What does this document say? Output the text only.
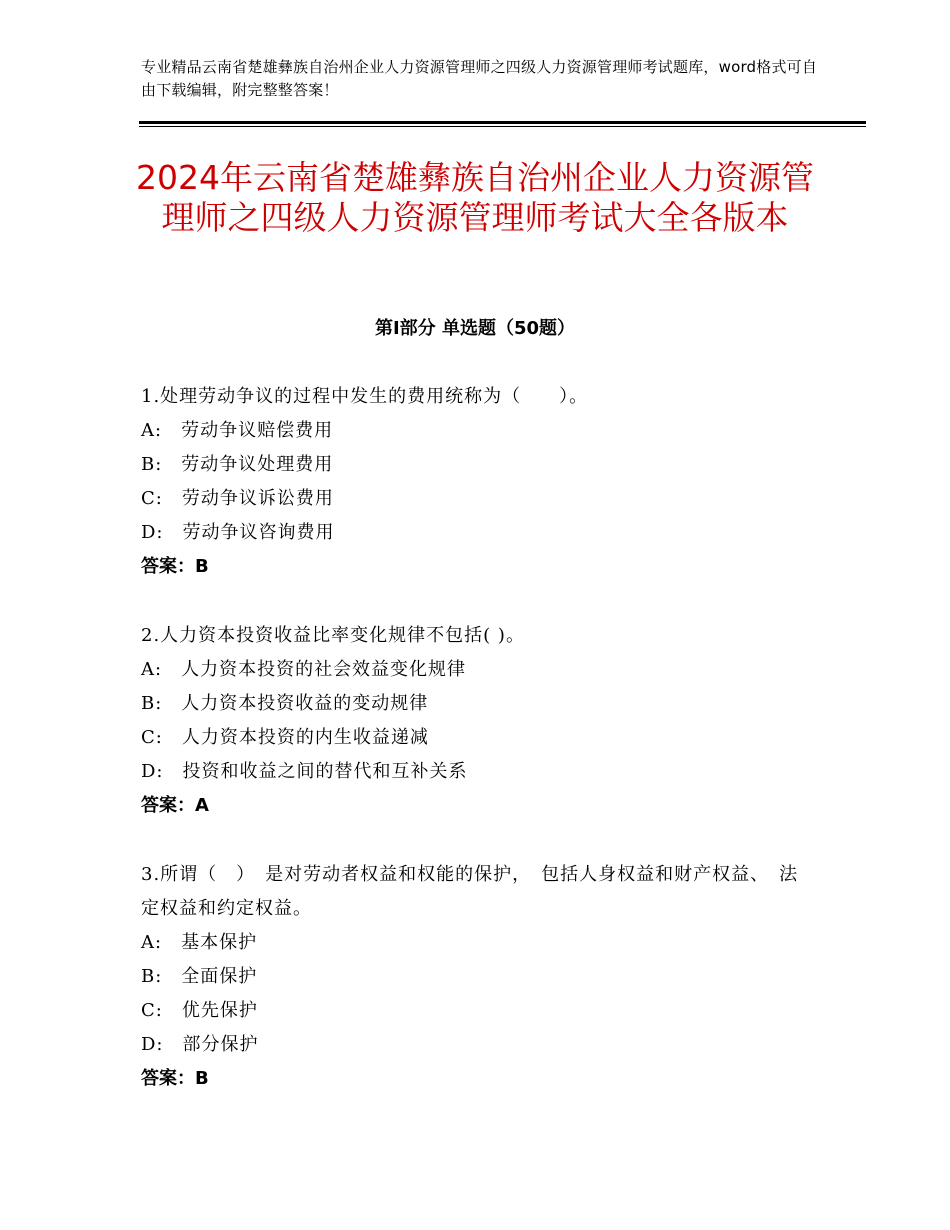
专业精品云南省楚雄彝族自治州企业人力资源管理师之四级人力资源管理师考试题库，word格式可自由下载编辑，附完整整答案！
2024年云南省楚雄彝族自治州企业人力资源管理师之四级人力资源管理师考试大全各版本
第Ⅰ部分 单选题（50题）
1.处理劳动争议的过程中发生的费用统称为（　　）。
A:　劳动争议赔偿费用
B:　劳动争议处理费用
C:　劳动争议诉讼费用
D:　劳动争议咨询费用
答案：B
2.人力资本投资收益比率变化规律不包括( )。
A:　人力资本投资的社会效益变化规律
B:　人力资本投资收益的变动规律
C:　人力资本投资的内生收益递减
D:　投资和收益之间的替代和互补关系
答案：A
3.所谓（　）　是对劳动者权益和权能的保护，　包括人身权益和财产权益、　法定权益和约定权益。
A:　基本保护
B:　全面保护
C:　优先保护
D:　部分保护
答案：B
